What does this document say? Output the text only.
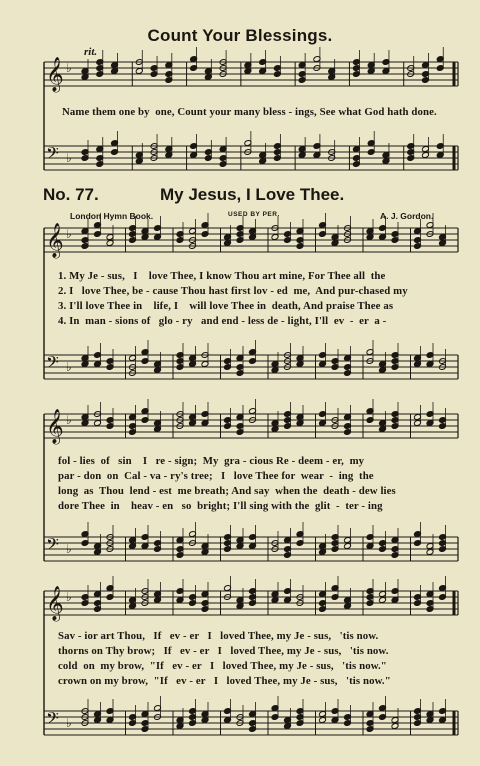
Count Your Blessings.
rit.
Name them one by  one, Count your many bless - ings, See what God hath done.
No. 77.	My Jesus, I Love Thee.
London Hymn Book.	USED BY PER.	A. J. Gordon.
1. My Je - sus,   I    love Thee, I know Thou art mine, For Thee all  the
2. I   love Thee, be - cause Thou hast first lov - ed  me,  And pur-chased my
3. I'll love Thee in    life, I    will love Thee in  death, And praise Thee as
4. In  man - sions of   glo - ry   and end - less de - light, I'll  ev  -  er  a -
fol - lies  of   sin    I   re - sign;  My  gra - cious Re - deem - er,  my
par - don  on  Cal - va - ry's tree;   I   love Thee for  wear  -  ing  the
long  as  Thou  lend - est  me breath; And say  when the  death - dew lies
dore Thee  in    heav - en   so  bright; I'll sing with the  glit  -  ter - ing
Sav - ior art Thou,   If   ev - er   I   loved Thee, my Je - sus,   'tis now.
thorns on Thy brow;   If   ev - er   I   loved Thee, my Je - sus,   'tis now.
cold  on  my brow,  "If   ev - er   I   loved Thee, my Je - sus,   'tis now."
crown on my brow,  "If   ev - er   I   loved Thee, my Je - sus,   'tis now."
𝄞
𝄢
♭
♭
𝄞
𝄢
♭
♭
𝄞
𝄢
♭
♭
𝄞
𝄢
♭
♭
